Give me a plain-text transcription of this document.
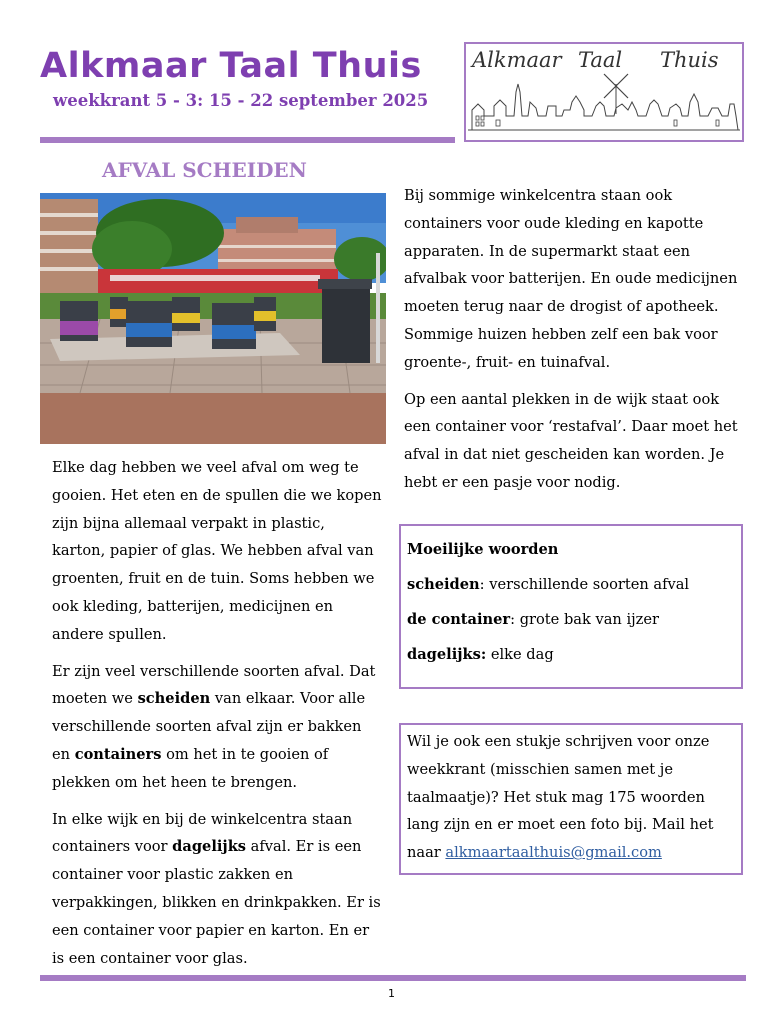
Alkmaar Taal Thuis
weekkrant 5 - 3: 15 - 22 september 2025
Alkmaar Taal Thuis
AFVAL SCHEIDEN

Elke dag hebben we veel afval om weg te gooien. Het eten en de spullen die we kopen zijn bijna allemaal verpakt in plastic, karton, papier of glas. We hebben afval van groenten, fruit en de tuin. Soms hebben we ook kleding, batterijen, medicijnen en andere spullen.

Er zijn veel verschillende soorten afval. Dat moeten we scheiden van elkaar. Voor alle verschillende soorten afval zijn er bakken en containers om het in te gooien of plekken om het heen te brengen.

In elke wijk en bij de winkelcentra staan containers voor dagelijks afval. Er is een container voor plastic zakken en verpakkingen, blikken en drinkpakken. Er is een container voor papier en karton. En er is een container voor glas.

Bij sommige winkelcentra staan ook containers voor oude kleding en kapotte apparaten. In de supermarkt staat een afvalbak voor batterijen. En oude medicijnen moeten terug naar de drogist of apotheek. Sommige huizen hebben zelf een bak voor groente-, fruit- en tuinafval.

Op een aantal plekken in de wijk staat ook een container voor ‘restafval’. Daar moet het afval in dat niet gescheiden kan worden. Je hebt er een pasje voor nodig.

Moeilijke woorden
scheiden: verschillende soorten afval
de container: grote bak van ijzer
dagelijks: elke dag
Wil je ook een stukje schrijven voor onze weekkrant (misschien samen met je taalmaatje)? Het stuk mag 175 woorden lang zijn en er moet een foto bij. Mail het naar alkmaartaalthuis@gmail.com
1
